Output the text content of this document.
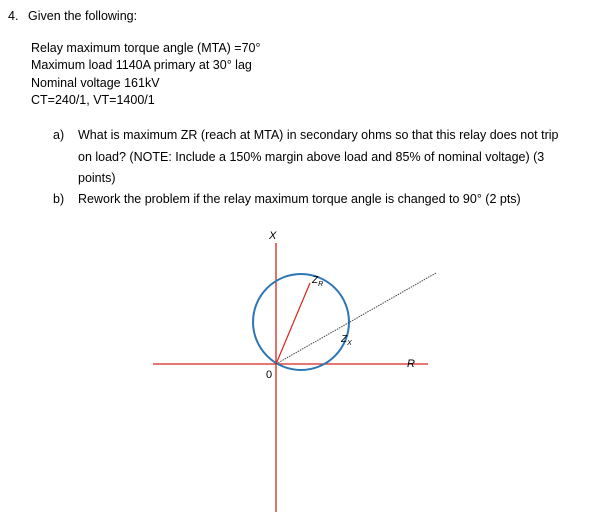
4. Given the following:
Relay maximum torque angle (MTA) =70°
Maximum load 1140A primary at 30° lag
Nominal voltage 161kV
CT=240/1, VT=1400/1
a) What is maximum ZR (reach at MTA) in secondary ohms so that this relay does not trip
on load? (NOTE: Include a 150% margin above load and 85% of nominal voltage) (3
points)
b) Rework the problem if the relay maximum torque angle is changed to 90° (2 pts)
X
R
0
$Z_R$
$Z_X$
